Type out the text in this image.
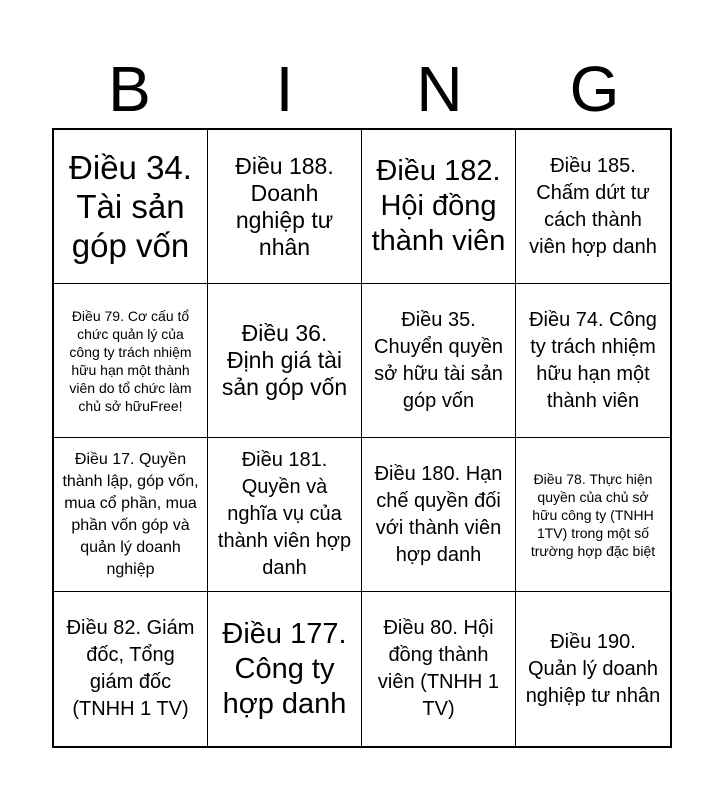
B	I	N	G
Điều 34. Tài sản góp vốn
Điều 188. Doanh nghiệp tư nhân
Điều 182. Hội đồng thành viên
Điều 185. Chấm dứt tư cách thành viên hợp danh
Điều 79. Cơ cấu tổ chức quản lý của công ty trách nhiệm hữu hạn một thành viên do tổ chức làm chủ sở hữuFree!
Điều 36. Định giá tài sản góp vốn
Điều 35. Chuyển quyền sở hữu tài sản góp vốn
Điều 74. Công ty trách nhiệm hữu hạn một thành viên
Điều 17. Quyền thành lập, góp vốn, mua cổ phần, mua phần vốn góp và quản lý doanh nghiệp
Điều 181. Quyền và nghĩa vụ của thành viên hợp danh
Điều 180. Hạn chế quyền đối với thành viên hợp danh
Điều 78. Thực hiện quyền của chủ sở hữu công ty (TNHH 1TV) trong một số trường hợp đặc biệt
Điều 82. Giám đốc, Tổng giám đốc (TNHH 1 TV)
Điều 177. Công ty hợp danh
Điều 80. Hội đồng thành viên (TNHH 1 TV)
Điều 190. Quản lý doanh nghiệp tư nhân
